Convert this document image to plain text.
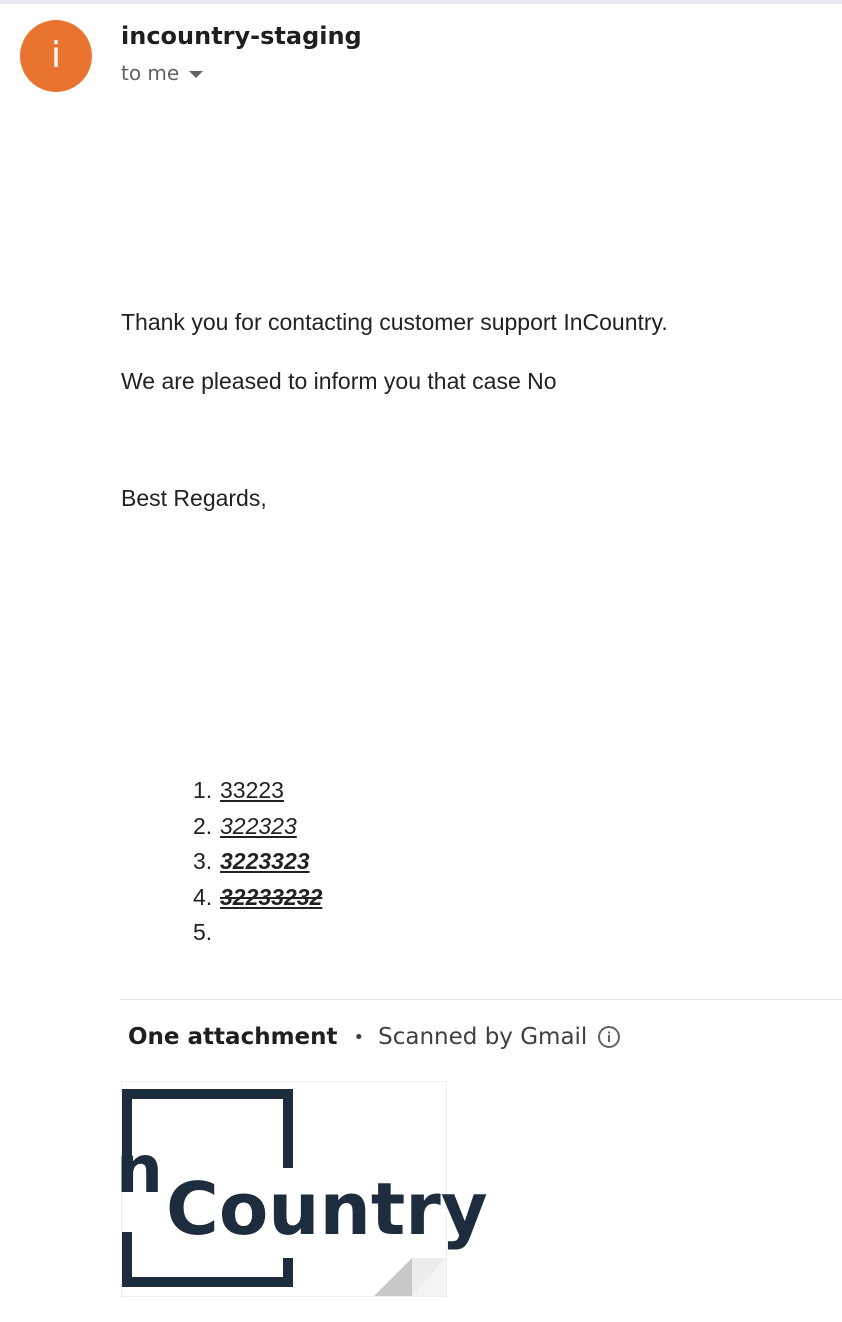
i	incountry-staging
to me
Thank you for contacting customer support InCountry.
We are pleased to inform you that case No
Best Regards,
1. 33223
2. 322323
3. 3223323
4. 32233232
5.
One attachment • Scanned by Gmail
n Country
